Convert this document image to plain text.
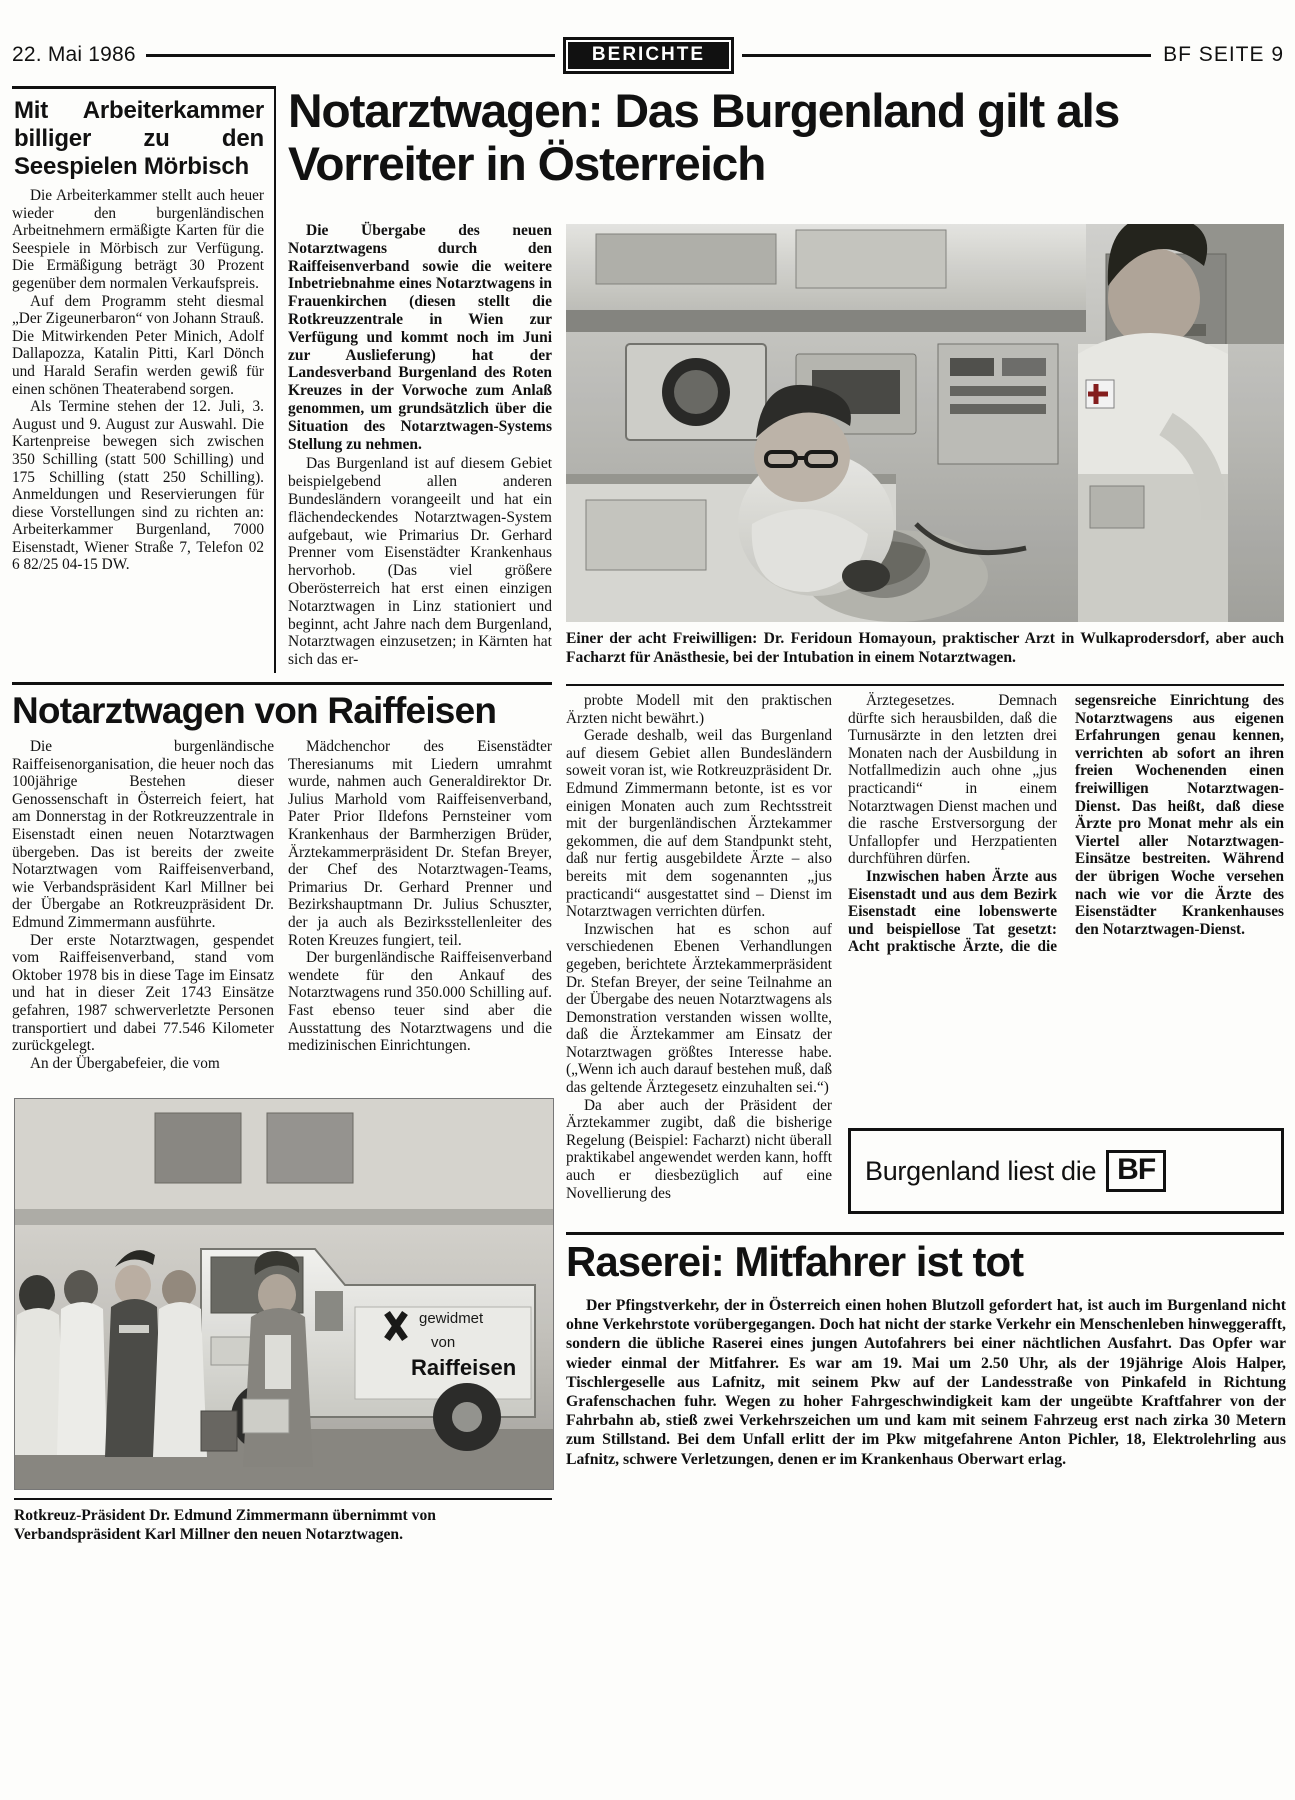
22. Mai 1986	BERICHTE	BF SEITE 9
Mit Arbeiterkammer billiger zu den Seespielen Mörbisch

Die Arbeiterkammer stellt auch heuer wieder den burgenländischen Arbeitnehmern ermäßigte Karten für die Seespiele in Mörbisch zur Verfügung. Die Ermäßigung beträgt 30 Prozent gegenüber dem normalen Verkaufspreis.

Auf dem Programm steht diesmal „Der Zigeunerbaron“ von Johann Strauß. Die Mitwirkenden Peter Minich, Adolf Dallapozza, Katalin Pitti, Karl Dönch und Harald Serafin werden gewiß für einen schönen Theaterabend sorgen.

Als Termine stehen der 12. Juli, 3. August und 9. August zur Auswahl. Die Kartenpreise bewegen sich zwischen 350 Schilling (statt 500 Schilling) und 175 Schilling (statt 250 Schilling). Anmeldungen und Reservierungen für diese Vorstellungen sind zu richten an: Arbeiterkammer Burgenland, 7000 Eisenstadt, Wiener Straße 7, Telefon 02 6 82/25 04-15 DW.

Notarztwagen: Das Burgenland gilt als Vorreiter in Österreich

Die Übergabe des neuen Notarztwagens durch den Raiffeisenverband sowie die weitere Inbetriebnahme eines Notarztwagens in Frauenkirchen (diesen stellt die Rotkreuzzentrale in Wien zur Verfügung und kommt noch im Juni zur Auslieferung) hat der Landesverband Burgenland des Roten Kreuzes in der Vorwoche zum Anlaß genommen, um grundsätzlich über die Situation des Notarztwagen-Systems Stellung zu nehmen.

Das Burgenland ist auf diesem Gebiet beispielgebend allen anderen Bundesländern vorangeeilt und hat ein flächendeckendes Notarztwagen-System aufgebaut, wie Primarius Dr. Gerhard Prenner vom Eisenstädter Krankenhaus hervorhob. (Das viel größere Oberösterreich hat erst einen einzigen Notarztwagen in Linz stationiert und beginnt, acht Jahre nach dem Burgenland, Notarztwagen einzusetzen; in Kärnten hat sich das er-

Einer der acht Freiwilligen: Dr. Feridoun Homayoun, praktischer Arzt in Wulkaprodersdorf, aber auch Facharzt für Anästhesie, bei der Intubation in einem Notarztwagen.
Notarztwagen von Raiffeisen

Die burgenländische Raiffeisenorganisation, die heuer noch das 100jährige Bestehen dieser Genossenschaft in Österreich feiert, hat am Donnerstag in der Rotkreuzzentrale in Eisenstadt einen neuen Notarztwagen übergeben. Das ist bereits der zweite Notarztwagen vom Raiffeisenverband, wie Verbandspräsident Karl Millner bei der Übergabe an Rotkreuzpräsident Dr. Edmund Zimmermann ausführte.

Der erste Notarztwagen, gespendet vom Raiffeisenverband, stand vom Oktober 1978 bis in diese Tage im Einsatz und hat in dieser Zeit 1743 Einsätze gefahren, 1987 schwerverletzte Personen transportiert und dabei 77.546 Kilometer zurückgelegt.

An der Übergabefeier, die vom

Mädchenchor des Eisenstädter Theresianums mit Liedern umrahmt wurde, nahmen auch Generaldirektor Dr. Julius Marhold vom Raiffeisenverband, Pater Prior Ildefons Pernsteiner vom Krankenhaus der Barmherzigen Brüder, Ärztekammerpräsident Dr. Stefan Breyer, der Chef des Notarztwagen-Teams, Primarius Dr. Gerhard Prenner und Bezirkshauptmann Dr. Julius Schuszter, der ja auch als Bezirksstellenleiter des Roten Kreuzes fungiert, teil.

Der burgenländische Raiffeisenverband wendete für den Ankauf des Notarztwagens rund 350.000 Schilling auf. Fast ebenso teuer sind aber die Ausstattung des Notarztwagens und die medizinischen Einrichtungen.

gewidmet
von
Raiffeisen
Rotkreuz-Präsident Dr. Edmund Zimmermann übernimmt von Verbandspräsident Karl Millner den neuen Notarztwagen.

probte Modell mit den praktischen Ärzten nicht bewährt.)

Gerade deshalb, weil das Burgenland auf diesem Gebiet allen Bundesländern soweit voran ist, wie Rotkreuzpräsident Dr. Edmund Zimmermann betonte, ist es vor einigen Monaten auch zum Rechtsstreit mit der burgenländischen Ärztekammer gekommen, die auf dem Standpunkt steht, daß nur fertig ausgebildete Ärzte – also bereits mit dem sogenannten „jus practicandi“ ausgestattet sind – Dienst im Notarztwagen verrichten dürfen.

Inzwischen hat es schon auf verschiedenen Ebenen Verhandlungen gegeben, berichtete Ärztekammerpräsident Dr. Stefan Breyer, der seine Teilnahme an der Übergabe des neuen Notarztwagens als Demonstration verstanden wissen wollte, daß die Ärztekammer am Einsatz der Notarztwagen größtes Interesse habe. („Wenn ich auch darauf bestehen muß, daß das geltende Ärztegesetz einzuhalten sei.“)

Da aber auch der Präsident der Ärztekammer zugibt, daß die bisherige Regelung (Beispiel: Facharzt) nicht überall praktikabel angewendet werden kann, hofft auch er diesbezüglich auf eine Novellierung des

Ärztegesetzes. Demnach dürfte sich herausbilden, daß die Turnusärzte in den letzten drei Monaten nach der Ausbildung in Notfallmedizin auch ohne „jus practicandi“ in einem Notarztwagen Dienst machen und die rasche Erstversorgung der Unfallopfer und Herzpatienten durchführen dürfen.

Inzwischen haben Ärzte aus Eisenstadt und aus dem Bezirk Eisenstadt eine lobenswerte und beispiellose Tat gesetzt: Acht praktische Ärzte, die die segensreiche Einrichtung des Notarztwagens aus eigenen Erfahrungen genau kennen, verrichten ab sofort an ihren freien Wochenenden einen freiwilligen Notarztwagen-Dienst. Das heißt, daß diese Ärzte pro Monat mehr als ein Viertel aller Notarztwagen-Einsätze bestreiten. Während der übrigen Woche versehen nach wie vor die Ärzte des Eisenstädter Krankenhauses den Notarztwagen-Dienst.

Burgenland liest die BF
Raserei: Mitfahrer ist tot

Der Pfingstverkehr, der in Österreich einen hohen Blutzoll gefordert hat, ist auch im Burgenland nicht ohne Verkehrstote vorübergegangen. Doch hat nicht der starke Verkehr ein Menschenleben hinweggerafft, sondern die übliche Raserei eines jungen Autofahrers bei einer nächtlichen Ausfahrt. Das Opfer war wieder einmal der Mitfahrer. Es war am 19. Mai um 2.50 Uhr, als der 19jährige Alois Halper, Tischlergeselle aus Lafnitz, mit seinem Pkw auf der Landesstraße von Pinkafeld in Richtung Grafenschachen fuhr. Wegen zu hoher Fahrgeschwindigkeit kam der ungeübte Kraftfahrer von der Fahrbahn ab, stieß zwei Verkehrszeichen um und kam mit seinem Fahrzeug erst nach zirka 30 Metern zum Stillstand. Bei dem Unfall erlitt der im Pkw mitgefahrene Anton Pichler, 18, Elektrolehrling aus Lafnitz, schwere Verletzungen, denen er im Krankenhaus Oberwart erlag.
